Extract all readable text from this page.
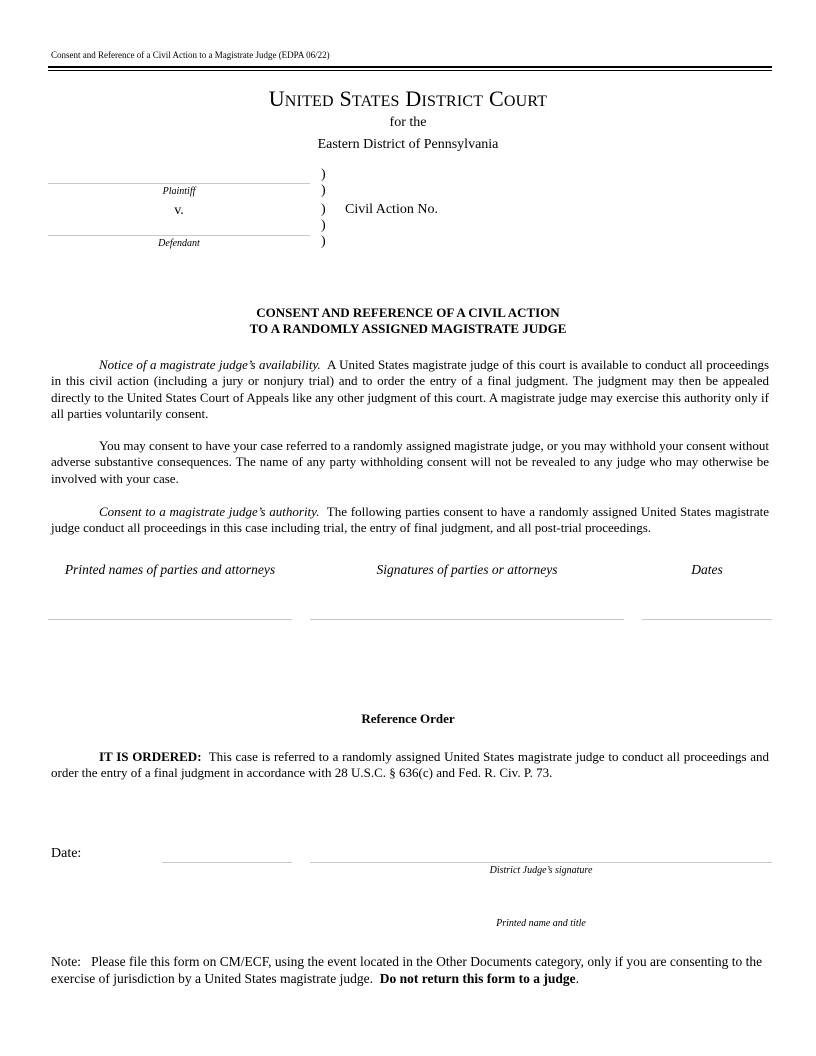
Consent and Reference of a Civil Action to a Magistrate Judge (EDPA 06/22)
UNITED STATES DISTRICT COURT
for the
Eastern District of Pennsylvania
Plaintiff
v.
Defendant
)
)
)
)
)
Civil Action No.
CONSENT AND REFERENCE OF A CIVIL ACTION
TO A RANDOMLY ASSIGNED MAGISTRATE JUDGE
Notice of a magistrate judge’s availability. A United States magistrate judge of this court is available to conduct all proceedings in this civil action (including a jury or nonjury trial) and to order the entry of a final judgment. The judgment may then be appealed directly to the United States Court of Appeals like any other judgment of this court. A magistrate judge may exercise this authority only if all parties voluntarily consent.
You may consent to have your case referred to a randomly assigned magistrate judge, or you may withhold your consent without adverse substantive consequences. The name of any party withholding consent will not be revealed to any judge who may otherwise be involved with your case.
Consent to a magistrate judge’s authority. The following parties consent to have a randomly assigned United States magistrate judge conduct all proceedings in this case including trial, the entry of final judgment, and all post-trial proceedings.
Printed names of parties and attorneys	Signatures of parties or attorneys	Dates
Reference Order
IT IS ORDERED: This case is referred to a randomly assigned United States magistrate judge to conduct all proceedings and order the entry of a final judgment in accordance with 28 U.S.C. § 636(c) and Fed. R. Civ. P. 73.
Date:
District Judge’s signature
Printed name and title
Note: Please file this form on CM/ECF, using the event located in the Other Documents category, only if you are consenting to the exercise of jurisdiction by a United States magistrate judge. Do not return this form to a judge.
